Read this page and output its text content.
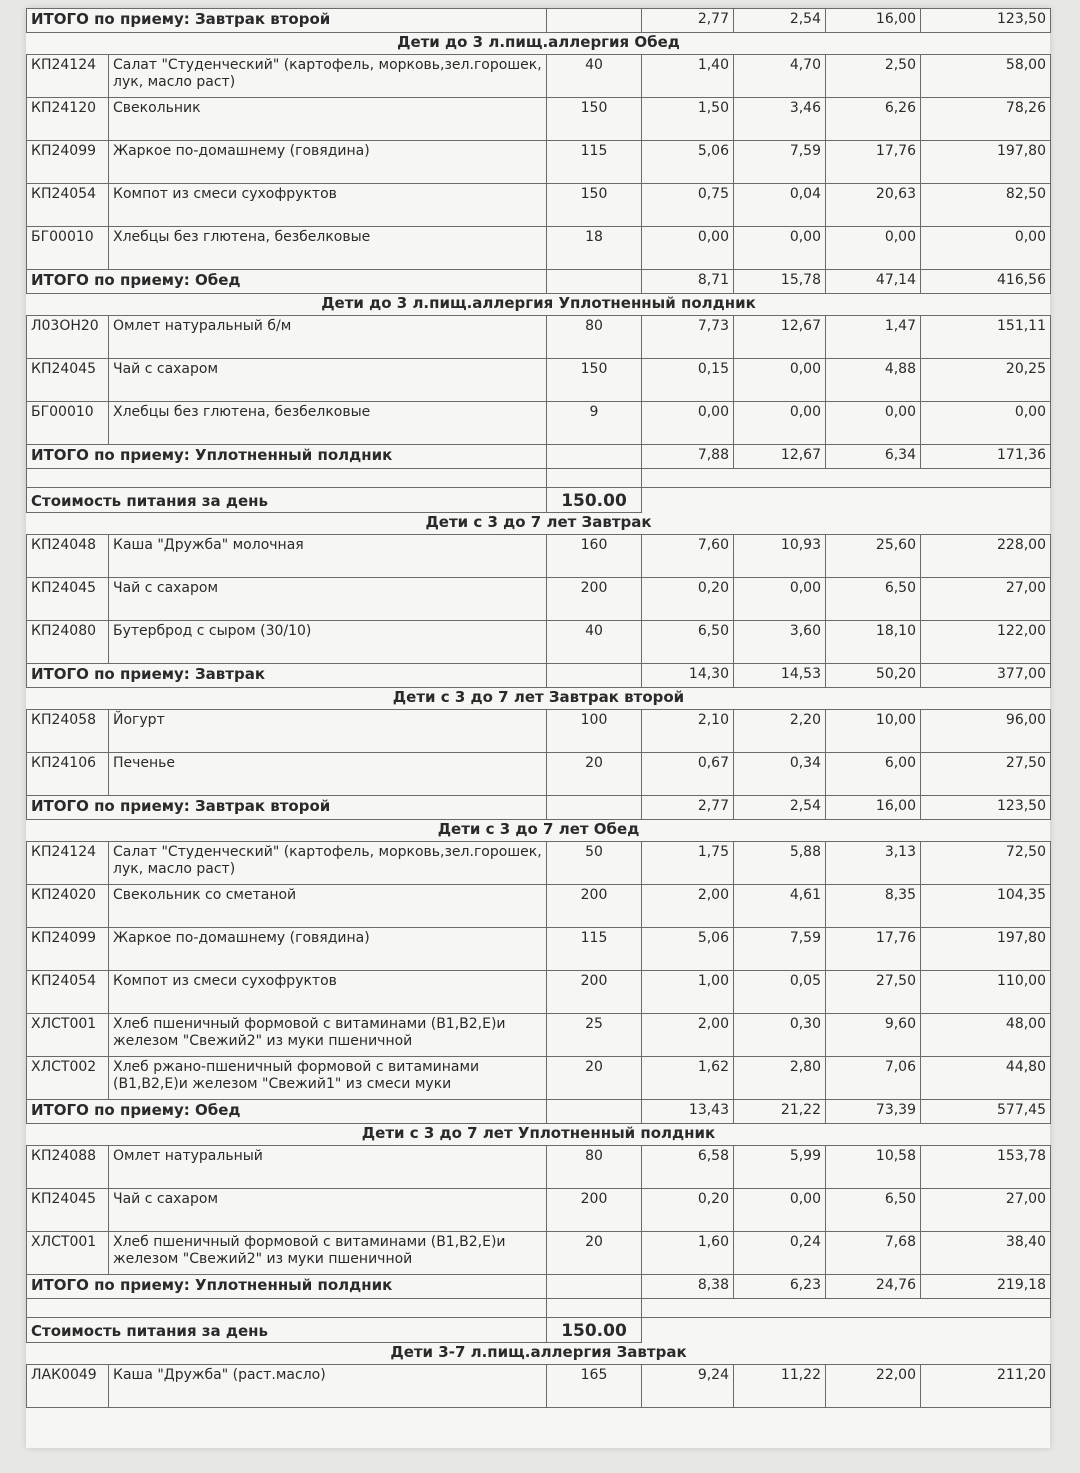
ИТОГО по приему: Завтрак второй			2,77	2,54	16,00	123,50
Дети до 3 л.пищ.аллергия Обед						
КП24124	Салат "Студенческий" (картофель, морковь,зел.горошек, лук, масло раст)	40	1,40	4,70	2,50	58,00
КП24120	Свекольник	150	1,50	3,46	6,26	78,26
КП24099	Жаркое по-домашнему (говядина)	115	5,06	7,59	17,76	197,80
КП24054	Компот из смеси сухофруктов	150	0,75	0,04	20,63	82,50
БГ00010	Хлебцы без глютена, безбелковые	18	0,00	0,00	0,00	0,00
ИТОГО по приему: Обед			8,71	15,78	47,14	416,56
Дети до 3 л.пищ.аллергия Уплотненный полдник						
Л03ОН20	Омлет натуральный б/м	80	7,73	12,67	1,47	151,11
КП24045	Чай с сахаром	150	0,15	0,00	4,88	20,25
БГ00010	Хлебцы без глютена, безбелковые	9	0,00	0,00	0,00	0,00
ИТОГО по приему: Уплотненный полдник			7,88	12,67	6,34	171,36

Стоимость питания за день		150.00				
Дети с 3 до 7 лет Завтрак						
КП24048	Каша "Дружба" молочная	160	7,60	10,93	25,60	228,00
КП24045	Чай с сахаром	200	0,20	0,00	6,50	27,00
КП24080	Бутерброд с сыром (30/10)	40	6,50	3,60	18,10	122,00
ИТОГО по приему: Завтрак			14,30	14,53	50,20	377,00
Дети с 3 до 7 лет Завтрак второй						
КП24058	Йогурт	100	2,10	2,20	10,00	96,00
КП24106	Печенье	20	0,67	0,34	6,00	27,50
ИТОГО по приему: Завтрак второй			2,77	2,54	16,00	123,50
Дети с 3 до 7 лет Обед						
КП24124	Салат "Студенческий" (картофель, морковь,зел.горошек, лук, масло раст)	50	1,75	5,88	3,13	72,50
КП24020	Свекольник со сметаной	200	2,00	4,61	8,35	104,35
КП24099	Жаркое по-домашнему (говядина)	115	5,06	7,59	17,76	197,80
КП24054	Компот из смеси сухофруктов	200	1,00	0,05	27,50	110,00
ХЛСТ001	Хлеб пшеничный формовой с витаминами (В1,В2,Е)и железом "Свежий2" из муки пшеничной	25	2,00	0,30	9,60	48,00
ХЛСТ002	Хлеб ржано-пшеничный формовой с витаминами (В1,В2,Е)и железом "Свежий1" из смеси муки	20	1,62	2,80	7,06	44,80
ИТОГО по приему: Обед			13,43	21,22	73,39	577,45
Дети с 3 до 7 лет Уплотненный полдник						
КП24088	Омлет натуральный	80	6,58	5,99	10,58	153,78
КП24045	Чай с сахаром	200	0,20	0,00	6,50	27,00
ХЛСТ001	Хлеб пшеничный формовой с витаминами (В1,В2,Е)и железом "Свежий2" из муки пшеничной	20	1,60	0,24	7,68	38,40
ИТОГО по приему: Уплотненный полдник			8,38	6,23	24,76	219,18

Стоимость питания за день		150.00				
Дети 3-7 л.пищ.аллергия Завтрак						
ЛАК0049	Каша "Дружба" (раст.масло)	165	9,24	11,22	22,00	211,20
